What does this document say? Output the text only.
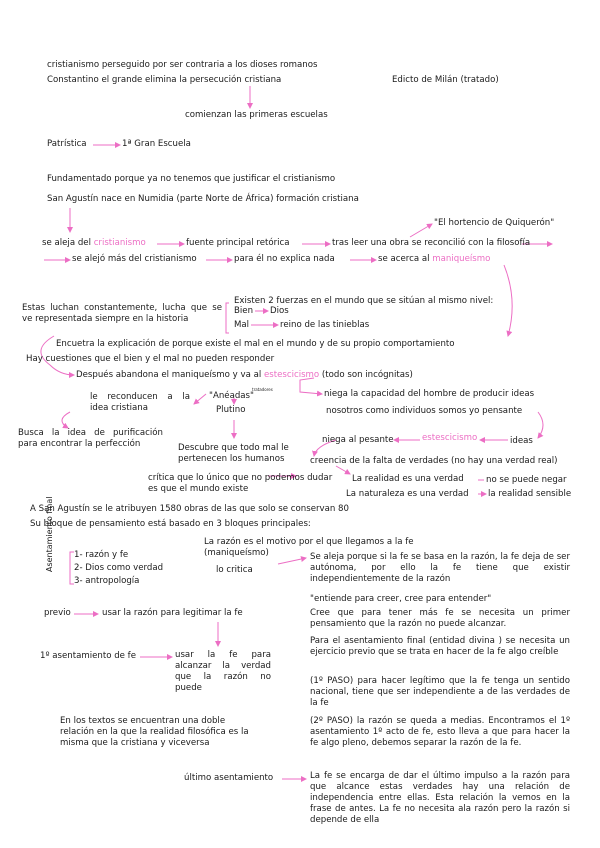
cristianismo perseguido por ser contraria a los dioses romanos
Constantino el grande elimina la persecución cristiana	Edicto de Milán (tratado)
comienzan las primeras escuelas
Patrística	1ª Gran Escuela
Fundamentado porque ya no tenemos que justificar el cristianismo
San Agustín nace en Numidia (parte Norte de África) formación cristiana
"El hortencio de Quiquerón"
se aleja del cristianismo	fuente principal retórica	tras leer una obra se reconcilió con la filosofía
se alejó más del cristianismo	para él no explica nada	se acerca al maniqueísmo
Estas luchan constantemente, lucha que se ve representada siempre en la historia
Existen 2 fuerzas en el mundo que se sitúan al mismo nivel:
Bien Dios
Mal	reino de las tinieblas
Encuetra la explicación de porque existe el mal en el mundo y de su propio comportamiento
Hay cuestiones que el bien y el mal no pueden responder
Después abandona el maniqueísmo y va al estescicismo (todo son incógnitas)
le reconducen a la idea cristiana
"Anéadas"
tratadores
Plutino
niega la capacidad del hombre de producir ideas
nosotros como individuos somos yo pensante
Busca la idea de purificación para encontrar la perfección	Descubre que todo mal le pertenecen los humanos
niega al pesante	estescicismo	ideas
creencia de la falta de verdades (no hay una verdad real)
crítica que lo único que no podemos dudar es que el mundo existe
La realidad es una verdad
La naturaleza es una verdad
no se puede negar
la realidad sensible
A San Agustín se le atribuyen 1580 obras de las que solo se conservan 80
Su bloque de pensamiento está basado en 3 bloques principales:
Asentamiento final 1- razón y fe
2- Dios como verdad
3- antropología
La razón es el motivo por el que llegamos a la fe (maniqueísmo)
lo critica
Se aleja porque si la fe se basa en la razón, la fe deja de ser autónoma, por ello la fe tiene que existir independientemente de la razón
"entiende para creer, cree para entender"
Cree que para tener más fe se necesita un primer pensamiento que la razón no puede alcanzar.
Para el asentamiento final (entidad divina ) se necesita un ejercicio previo que se trata en hacer de la fe algo creíble
(1º PASO) para hacer legítimo que la fe tenga un sentido nacional, tiene que ser independiente a de las verdades de la fe
(2º PASO) la razón se queda a medias. Encontramos el 1º asentamiento 1º acto de fe, esto lleva a que para hacer la fe algo pleno, debemos separar la razón de la fe.
La fe se encarga de dar el último impulso a la razón para que alcance estas verdades hay una relación de independencia entre ellas. Esta relación la vemos en la frase de antes. La fe no necesita ala razón pero la razón si depende de ella
previo	usar la razón para legitimar la fe
1º asentamiento de fe	usar la fe para alcanzar la verdad que la razón no puede
En los textos se encuentran una doble relación en la que la realidad filosófica es la misma que la cristiana y viceversa
último asentamiento
